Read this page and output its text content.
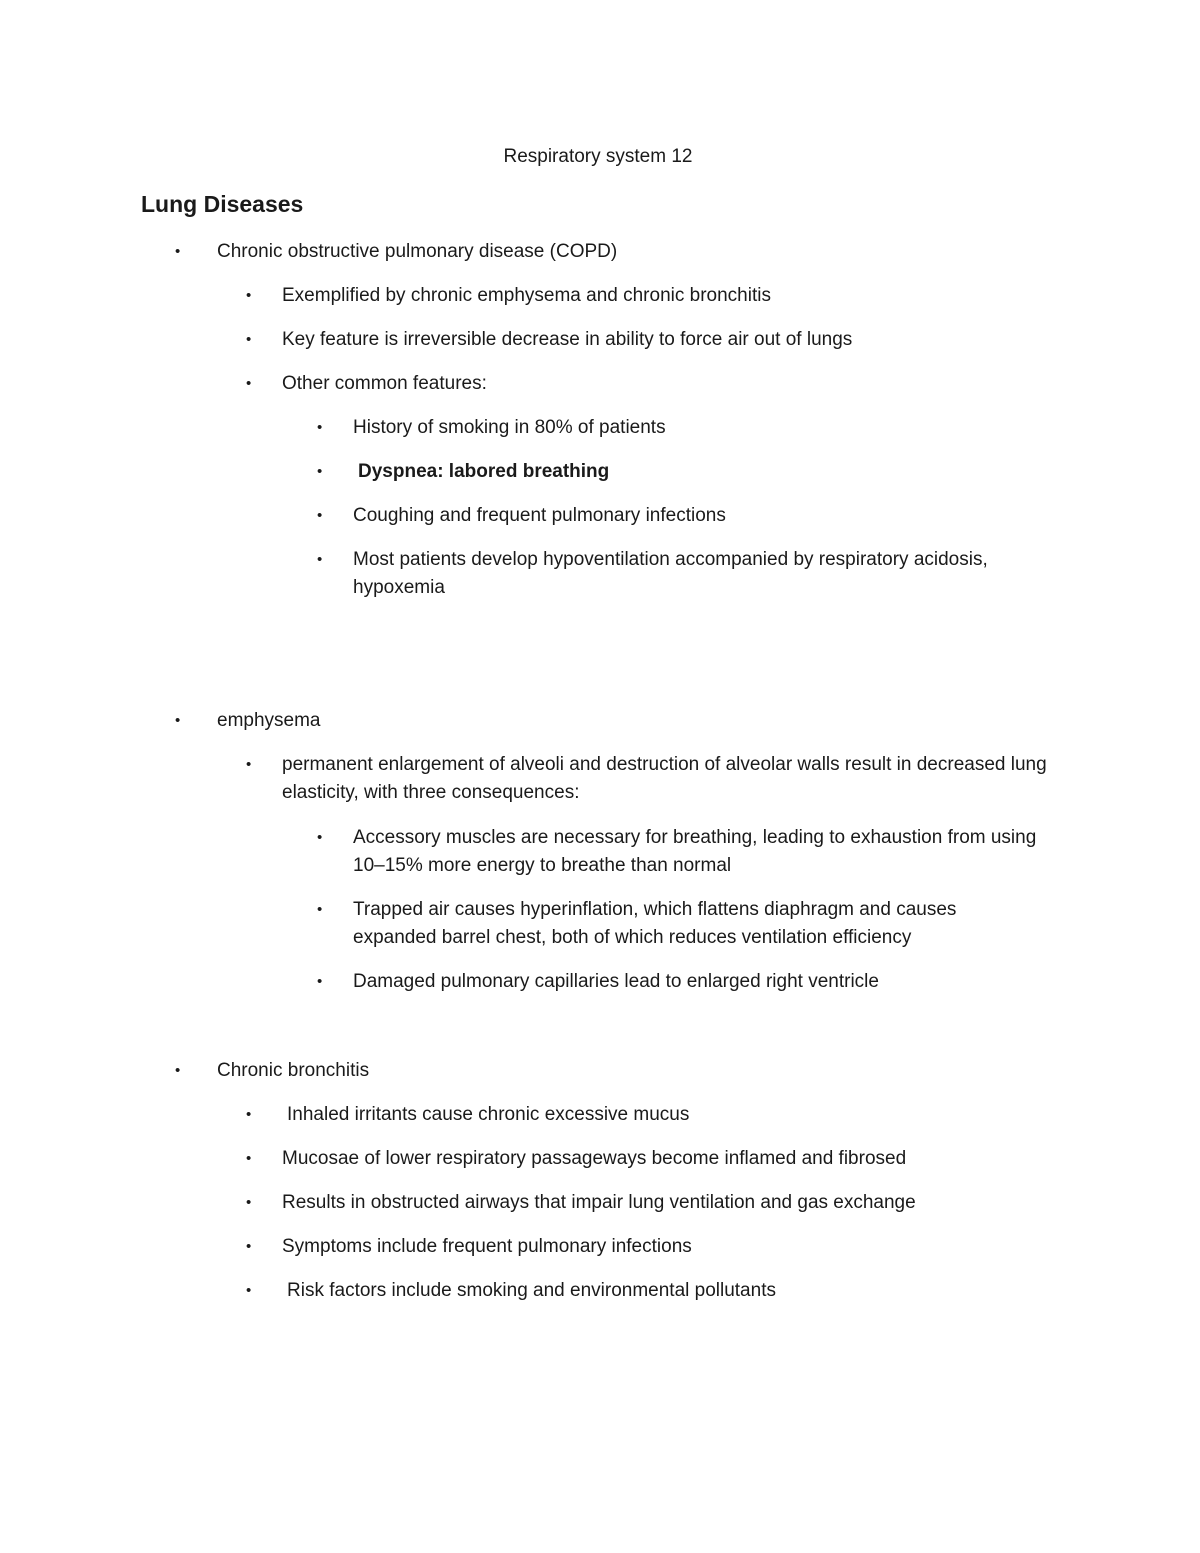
Respiratory system 12
Lung Diseases
• Chronic obstructive pulmonary disease (COPD)
• Exemplified by chronic emphysema and chronic bronchitis
• Key feature is irreversible decrease in ability to force air out of lungs
• Other common features:
• History of smoking in 80% of patients
• Dyspnea: labored breathing
• Coughing and frequent pulmonary infections
• Most patients develop hypoventilation accompanied by respiratory acidosis, hypoxemia
• emphysema
• permanent enlargement of alveoli and destruction of alveolar walls result in decreased lung elasticity, with three consequences:
• Accessory muscles are necessary for breathing, leading to exhaustion from using 10–15% more energy to breathe than normal
• Trapped air causes hyperinflation, which flattens diaphragm and causes expanded barrel chest, both of which reduces ventilation efficiency
• Damaged pulmonary capillaries lead to enlarged right ventricle
• Chronic bronchitis
• Inhaled irritants cause chronic excessive mucus
• Mucosae of lower respiratory passageways become inflamed and fibrosed
• Results in obstructed airways that impair lung ventilation and gas exchange
• Symptoms include frequent pulmonary infections
• Risk factors include smoking and environmental pollutants
